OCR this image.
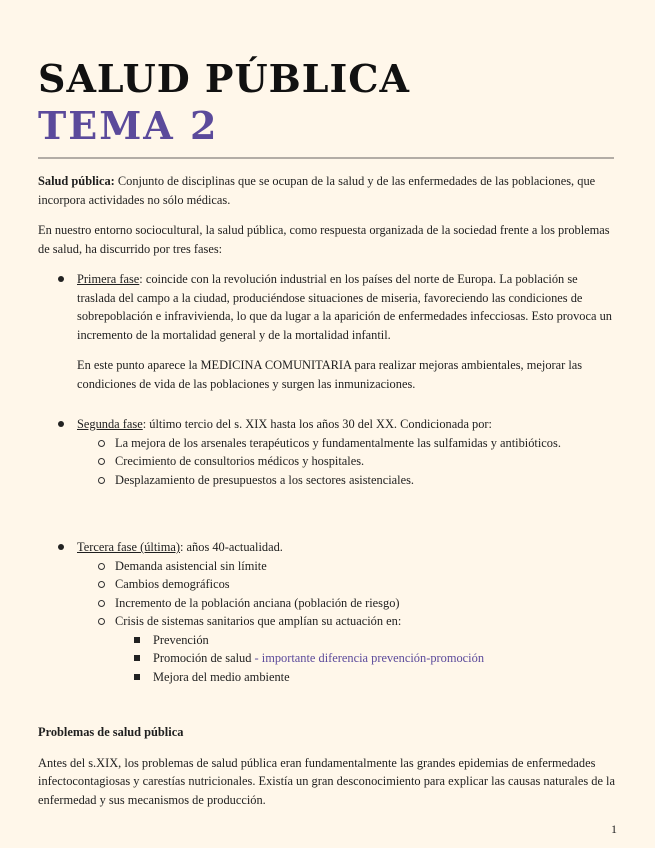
SALUD PÚBLICA
TEMA 2

Salud pública: Conjunto de disciplinas que se ocupan de la salud y de las enfermedades de las poblaciones, que incorpora actividades no sólo médicas.

En nuestro entorno sociocultural, la salud pública, como respuesta organizada de la sociedad frente a los problemas de salud, ha discurrido por tres fases:

Primera fase: coincide con la revolución industrial en los países del norte de Europa. La población se traslada del campo a la ciudad, produciéndose situaciones de miseria, favoreciendo las condiciones de sobrepoblación e infravivienda, lo que da lugar a la aparición de enfermedades infecciosas. Esto provoca un incremento de la mortalidad general y de la mortalidad infantil.

En este punto aparece la MEDICINA COMUNITARIA para realizar mejoras ambientales, mejorar las condiciones de vida de las poblaciones y surgen las inmunizaciones.

Segunda fase: último tercio del s. XIX hasta los años 30 del XX. Condicionada por:

La mejora de los arsenales terapéuticos y fundamentalmente las sulfamidas y antibióticos.
Crecimiento de consultorios médicos y hospitales.
Desplazamiento de presupuestos a los sectores asistenciales.

Tercera fase (última): años 40-actualidad.

Demanda asistencial sin límite
Cambios demográficos
Incremento de la población anciana (población de riesgo)
Crisis de sistemas sanitarios que amplían su actuación en:
Prevención
Promoción de salud - importante diferencia prevención-promoción
Mejora del medio ambiente

Problemas de salud pública

Antes del s.XIX, los problemas de salud pública eran fundamentalmente las grandes epidemias de enfermedades infectocontagiosas y carestías nutricionales. Existía un gran desconocimiento para explicar las causas naturales de la enfermedad y sus mecanismos de producción.

1
